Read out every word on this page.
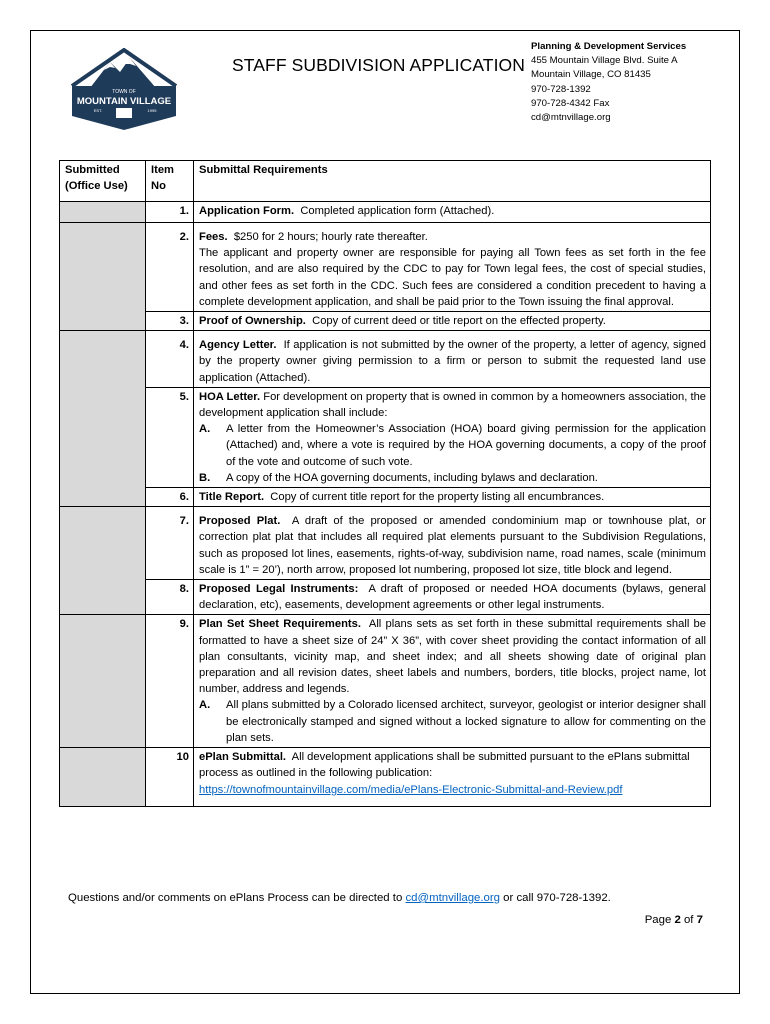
TOWN OF
MOUNTAIN VILLAGE
EST.	1995
STAFF SUBDIVISION APPLICATION
Planning & Development Services
455 Mountain Village Blvd. Suite A
Mountain Village, CO 81435
970-728-1392
970-728-4342 Fax
cd@mtnvillage.org
Submitted (Office Use)	Item No	Submittal Requirements
	1.	Application Form. Completed application form (Attached).
	2.	Fees. $250 for 2 hours; hourly rate thereafter.
The applicant and property owner are responsible for paying all Town fees as set forth in the fee resolution, and are also required by the CDC to pay for Town legal fees, the cost of special studies, and other fees as set forth in the CDC. Such fees are considered a condition precedent to having a complete development application, and shall be paid prior to the Town issuing the final approval.

	3.	Proof of Ownership. Copy of current deed or title report on the effected property.
	4.	Agency Letter. If application is not submitted by the owner of the property, a letter of agency, signed by the property owner giving permission to a firm or person to submit the requested land use application (Attached).
	5.	HOA Letter. For development on property that is owned in common by a homeowners association, the development application shall include:
A. A letter from the Homeowner’s Association (HOA) board giving permission for the application (Attached) and, where a vote is required by the HOA governing documents, a copy of the proof of the vote and outcome of such vote.
B. A copy of the HOA governing documents, including bylaws and declaration.

	6.	Title Report. Copy of current title report for the property listing all encumbrances.
	7.	Proposed Plat. A draft of the proposed or amended condominium map or townhouse plat, or correction plat plat that includes all required plat elements pursuant to the Subdivision Regulations, such as proposed lot lines, easements, rights-of-way, subdivision name, road names, scale (minimum scale is 1” = 20’), north arrow, proposed lot numbering, proposed lot size, title block and legend.
	8.	Proposed Legal Instruments: A draft of proposed or needed HOA documents (bylaws, general declaration, etc), easements, development agreements or other legal instruments.
	9.	Plan Set Sheet Requirements. All plans sets as set forth in these submittal requirements shall be formatted to have a sheet size of 24” X 36”, with cover sheet providing the contact information of all plan consultants, vicinity map, and sheet index; and all sheets showing date of original plan preparation and all revision dates, sheet labels and numbers, borders, title blocks, project name, lot number, address and legends.
A. All plans submitted by a Colorado licensed architect, surveyor, geologist or interior designer shall be electronically stamped and signed without a locked signature to allow for commenting on the plan sets.

	10	ePlan Submittal. All development applications shall be submitted pursuant to the ePlans submittal process as outlined in the following publication:
https://townofmountainvillage.com/media/ePlans-Electronic-Submittal-and-Review.pdf
Questions and/or comments on ePlans Process can be directed to cd@mtnvillage.org or call 970-728-1392.
Page 2 of 7
